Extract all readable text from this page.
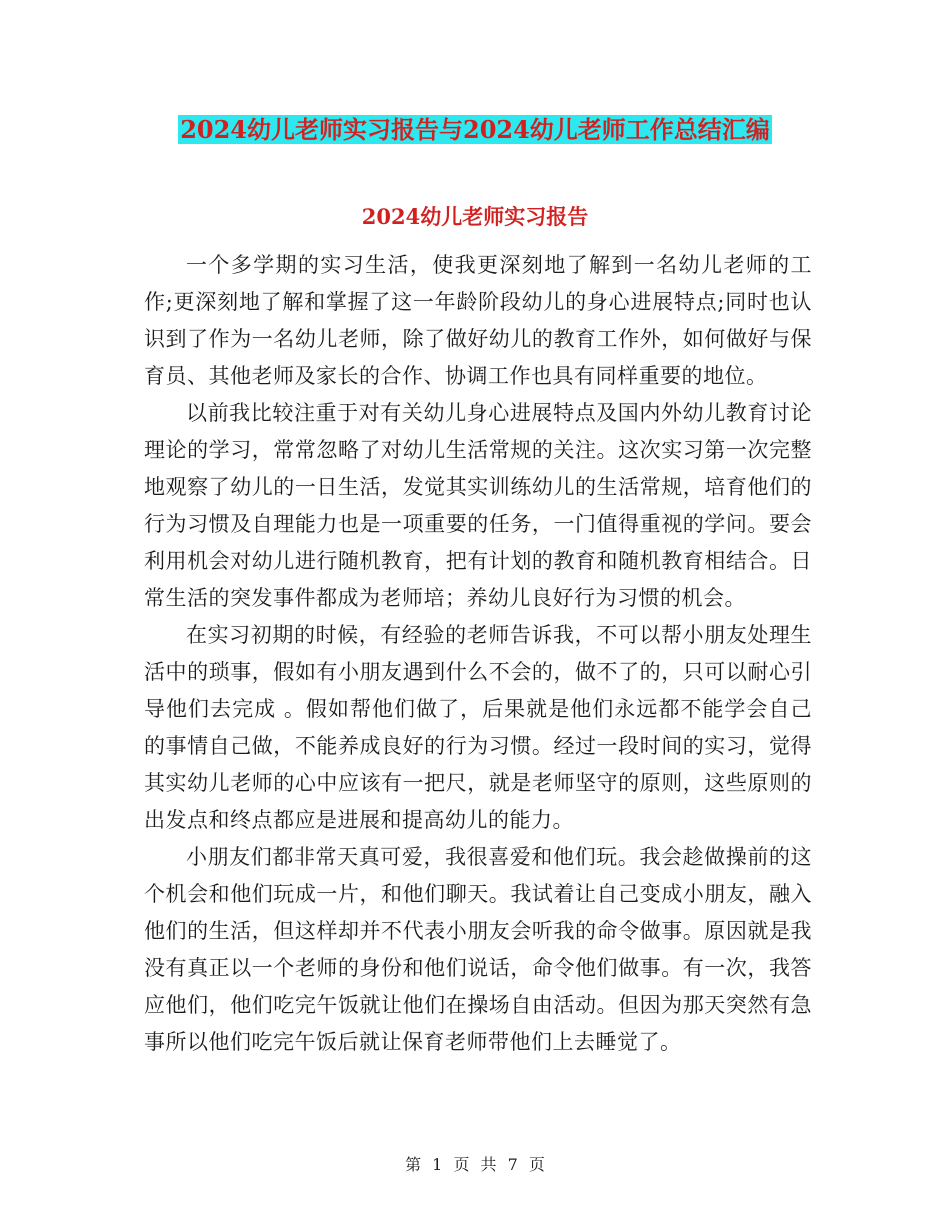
2024幼儿老师实习报告与2024幼儿老师工作总结汇编
2024幼儿老师实习报告

一个多学期的实习生活，使我更深刻地了解到一名幼儿老师的工作;更深刻地了解和掌握了这一年龄阶段幼儿的身心进展特点;同时也认识到了作为一名幼儿老师，除了做好幼儿的教育工作外，如何做好与保育员、其他老师及家长的合作、协调工作也具有同样重要的地位。

以前我比较注重于对有关幼儿身心进展特点及国内外幼儿教育讨论理论的学习，常常忽略了对幼儿生活常规的关注。这次实习第一次完整地观察了幼儿的一日生活，发觉其实训练幼儿的生活常规，培育他们的行为习惯及自理能力也是一项重要的任务，一门值得重视的学问。要会利用机会对幼儿进行随机教育，把有计划的教育和随机教育相结合。日常生活的突发事件都成为老师培；养幼儿良好行为习惯的机会。

在实习初期的时候，有经验的老师告诉我，不可以帮小朋友处理生活中的琐事，假如有小朋友遇到什么不会的，做不了的，只可以耐心引导他们去完成 。假如帮他们做了，后果就是他们永远都不能学会自己的事情自己做，不能养成良好的行为习惯。经过一段时间的实习，觉得其实幼儿老师的心中应该有一把尺，就是老师坚守的原则，这些原则的出发点和终点都应是进展和提高幼儿的能力。

小朋友们都非常天真可爱，我很喜爱和他们玩。我会趁做操前的这个机会和他们玩成一片，和他们聊天。我试着让自己变成小朋友，融入他们的生活，但这样却并不代表小朋友会听我的命令做事。原因就是我没有真正以一个老师的身份和他们说话，命令他们做事。有一次，我答应他们，他们吃完午饭就让他们在操场自由活动。但因为那天突然有急事所以他们吃完午饭后就让保育老师带他们上去睡觉了。

第 1 页 共 7 页
